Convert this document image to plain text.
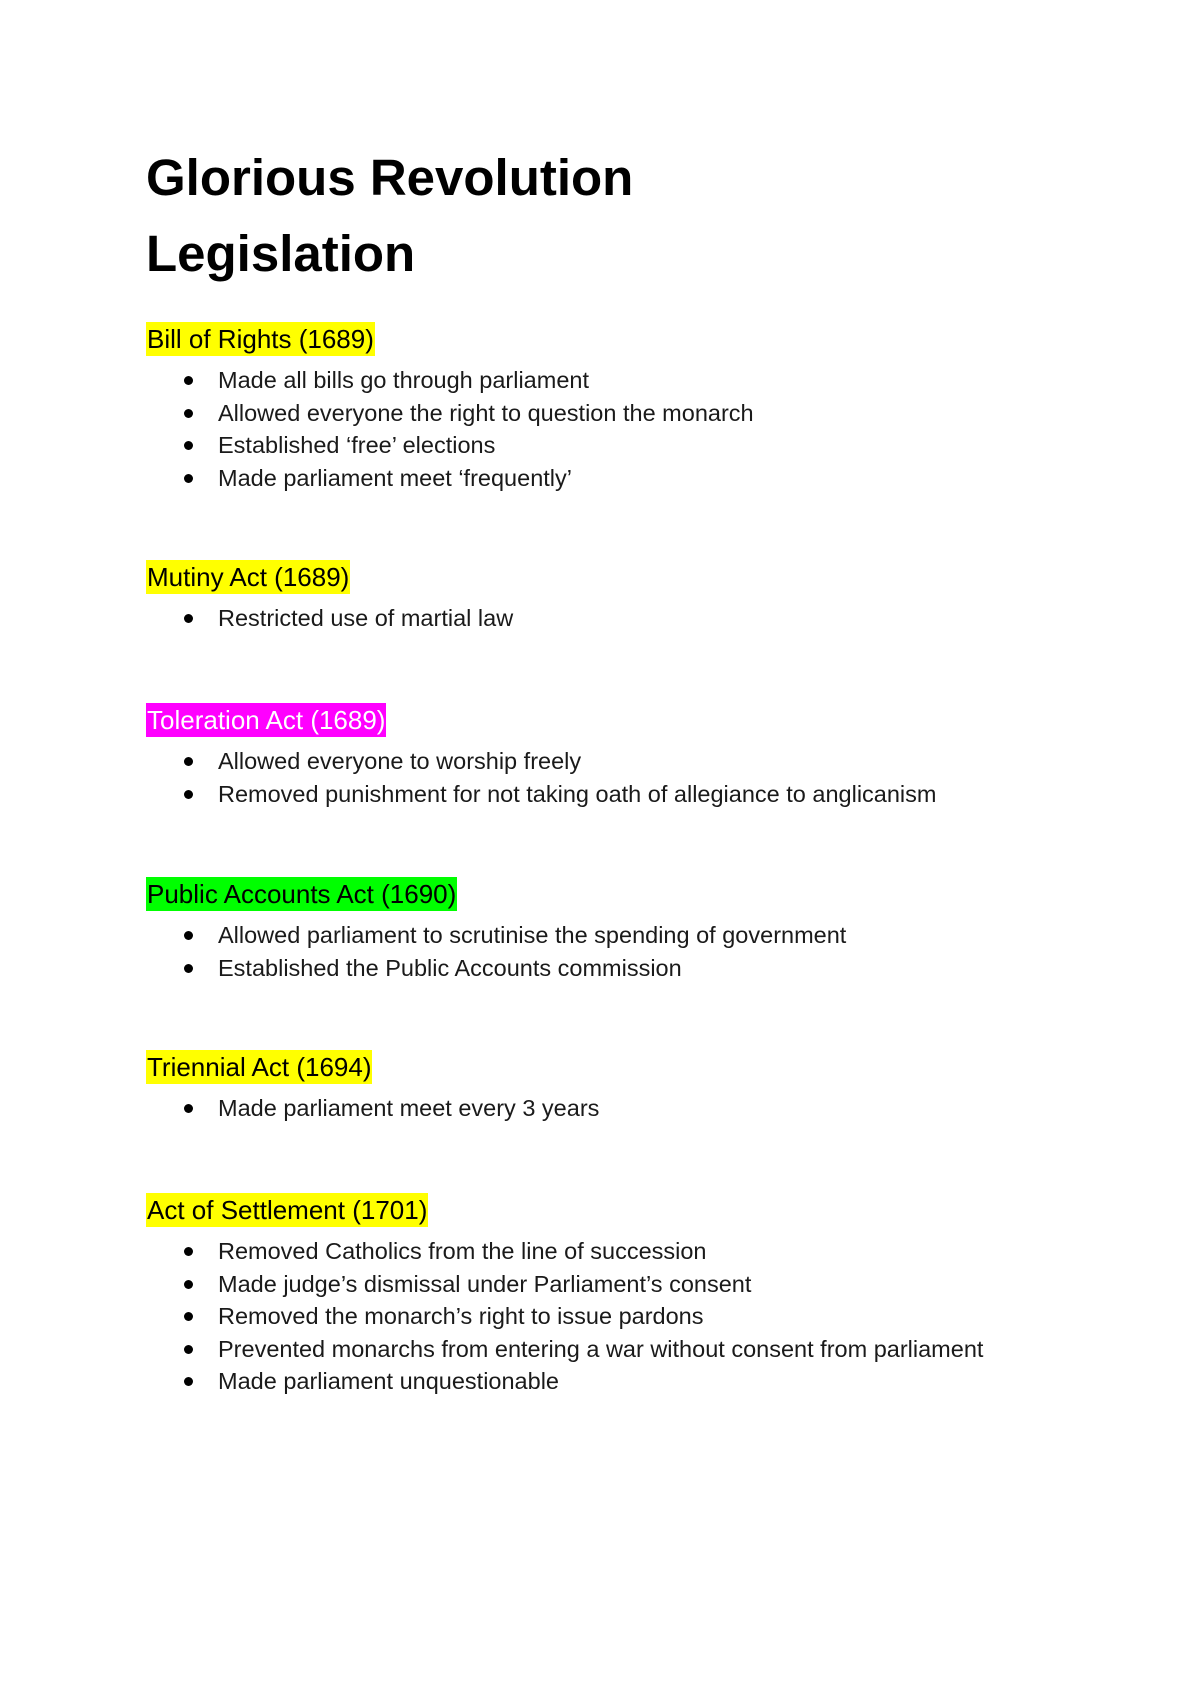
Glorious Revolution
Legislation
Bill of Rights (1689)
Made all bills go through parliament
Allowed everyone the right to question the monarch
Established ‘free’ elections
Made parliament meet ‘frequently’
Mutiny Act (1689)
Restricted use of martial law
Toleration Act (1689)
Allowed everyone to worship freely
Removed punishment for not taking oath of allegiance to anglicanism
Public Accounts Act (1690)
Allowed parliament to scrutinise the spending of government
Established the Public Accounts commission
Triennial Act (1694)
Made parliament meet every 3 years
Act of Settlement (1701)
Removed Catholics from the line of succession
Made judge’s dismissal under Parliament’s consent
Removed the monarch’s right to issue pardons
Prevented monarchs from entering a war without consent from parliament
Made parliament unquestionable
